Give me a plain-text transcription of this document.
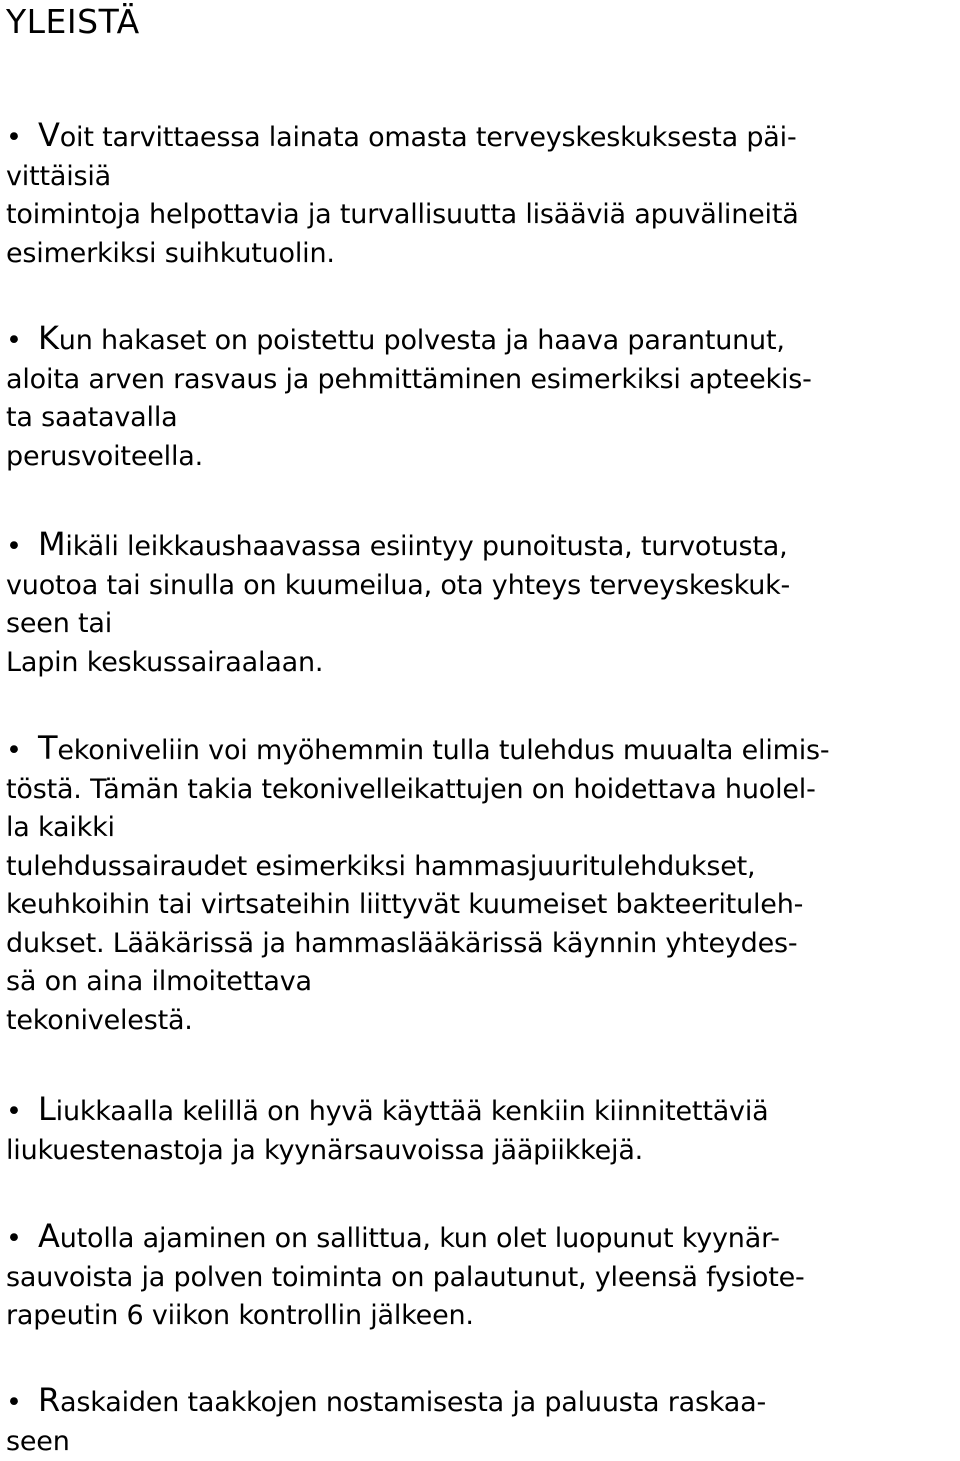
YLEISTÄ
• Voit tarvittaessa lainata omasta terveyskeskuksesta päi-
vittäisiä
toimintoja helpottavia ja turvallisuutta lisääviä apuvälineitä
esimerkiksi suihkutuolin.
• Kun hakaset on poistettu polvesta ja haava parantunut,
aloita arven rasvaus ja pehmittäminen esimerkiksi apteekis-
ta saatavalla
perusvoiteella.
• Mikäli leikkaushaavassa esiintyy punoitusta, turvotusta,
vuotoa tai sinulla on kuumeilua, ota yhteys terveyskeskuk-
seen tai
Lapin keskussairaalaan.
• Tekoniveliin voi myöhemmin tulla tulehdus muualta elimis-
töstä. Tämän takia tekonivelleikattujen on hoidettava huolel-
la kaikki
tulehdussairaudet esimerkiksi hammasjuuritulehdukset,
keuhkoihin tai virtsateihin liittyvät kuumeiset bakteerituleh-
dukset. Lääkärissä ja hammaslääkärissä käynnin yhteydes-
sä on aina ilmoitettava
tekonivelestä.
• Liukkaalla kelillä on hyvä käyttää kenkiin kiinnitettäviä
liukuestenastoja ja kyynärsauvoissa jääpiikkejä.
• Autolla ajaminen on sallittua, kun olet luopunut kyynär-
sauvoista ja polven toiminta on palautunut, yleensä fysiote-
rapeutin 6 viikon kontrollin jälkeen.
• Raskaiden taakkojen nostamisesta ja paluusta raskaa-
seen
